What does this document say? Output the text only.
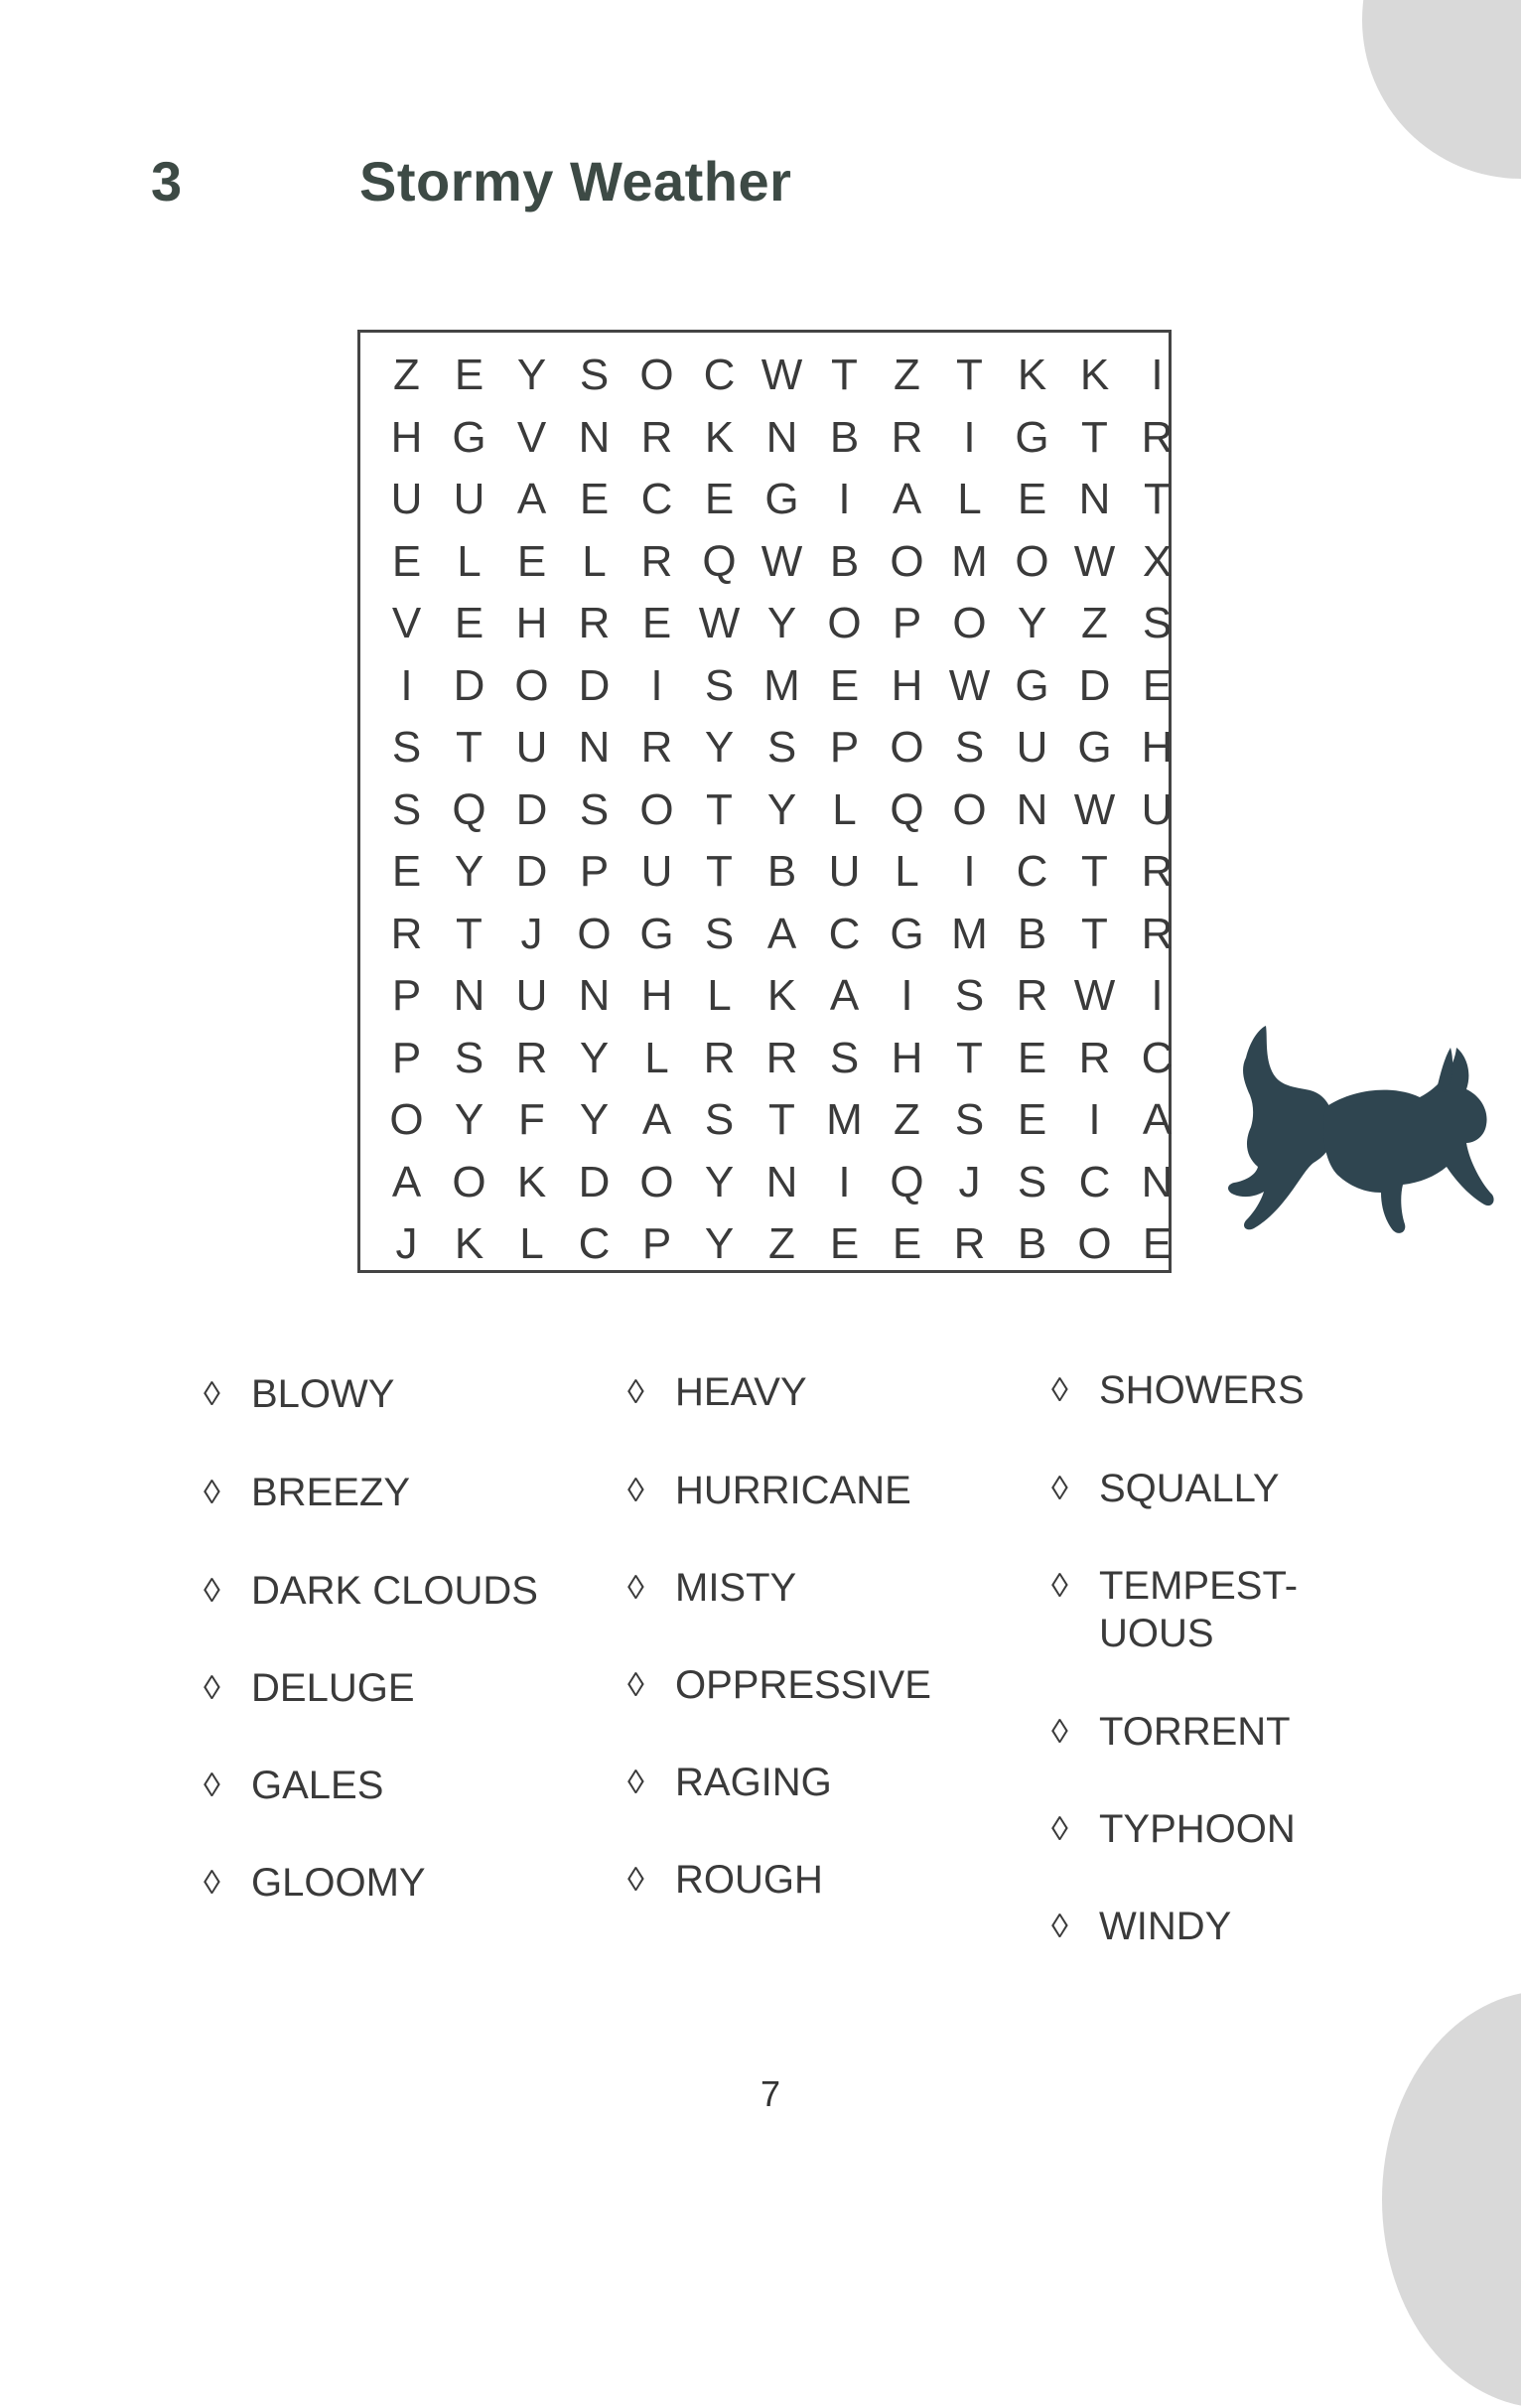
3	Stormy Weather
Z E Y S O C W T Z T K K I
H G V N R K N B R I G T R
U U A E C E G I A L E N T
E L E L R Q W B O M O W X
V E H R E W Y O P O Y Z S
I D O D I S M E H W G D E
S T U N R Y S P O S U G H
S Q D S O T Y L Q O N W U
E Y D P U T B U L	I C T R
R T J O G S A C G M B T R
P N U N H L K A I S R W I
P S R Y L R R S H T E R C
O Y F Y A S T M Z S E I A
A O K D O Y N I Q J S C N
J K L C P Y Z E E R B O E
7
◊ BLOWY
◊ BREEZY
◊ DARK CLOUDS
◊ DELUGE
◊ GALES
◊ GLOOMY
◊ HEAVY
◊ HURRICANE
◊ MISTY
◊ OPPRESSIVE
◊ RAGING
◊ ROUGH
◊ SHOWERS
◊ SQUALLY
◊ TEMPEST-
UOUS
◊ TORRENT
◊ TYPHOON
◊ WINDY
